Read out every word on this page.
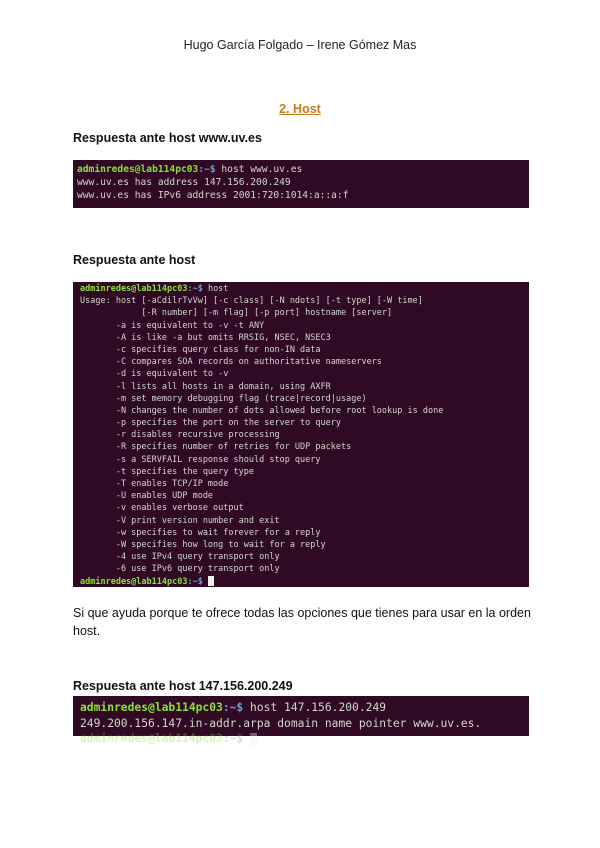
Hugo García Folgado – Irene Gómez Mas
2. Host
Respuesta ante host www.uv.es
adminredes@lab114pc03:~$ host www.uv.es
www.uv.es has address 147.156.200.249
www.uv.es has IPv6 address 2001:720:1014:a::a:f
Respuesta ante host
adminredes@lab114pc03:~$ host
Usage: host [-aCdilrTvVw] [-c class] [-N ndots] [-t type] [-W time]
[-R number] [-m flag] [-p port] hostname [server]
-a is equivalent to -v -t ANY
-A is like -a but omits RRSIG, NSEC, NSEC3
-c specifies query class for non-IN data
-C compares SOA records on authoritative nameservers
-d is equivalent to -v
-l lists all hosts in a domain, using AXFR
-m set memory debugging flag (trace|record|usage)
-N changes the number of dots allowed before root lookup is done
-p specifies the port on the server to query
-r disables recursive processing
-R specifies number of retries for UDP packets
-s a SERVFAIL response should stop query
-t specifies the query type
-T enables TCP/IP mode
-U enables UDP mode
-v enables verbose output
-V print version number and exit
-w specifies to wait forever for a reply
-W specifies how long to wait for a reply
-4 use IPv4 query transport only
-6 use IPv6 query transport only
adminredes@lab114pc03:~$
Si que ayuda porque te ofrece todas las opciones que tienes para usar en la orden host.
Respuesta ante host 147.156.200.249
adminredes@lab114pc03:~$ host 147.156.200.249
249.200.156.147.in-addr.arpa domain name pointer www.uv.es.
adminredes@lab114pc03:~$
